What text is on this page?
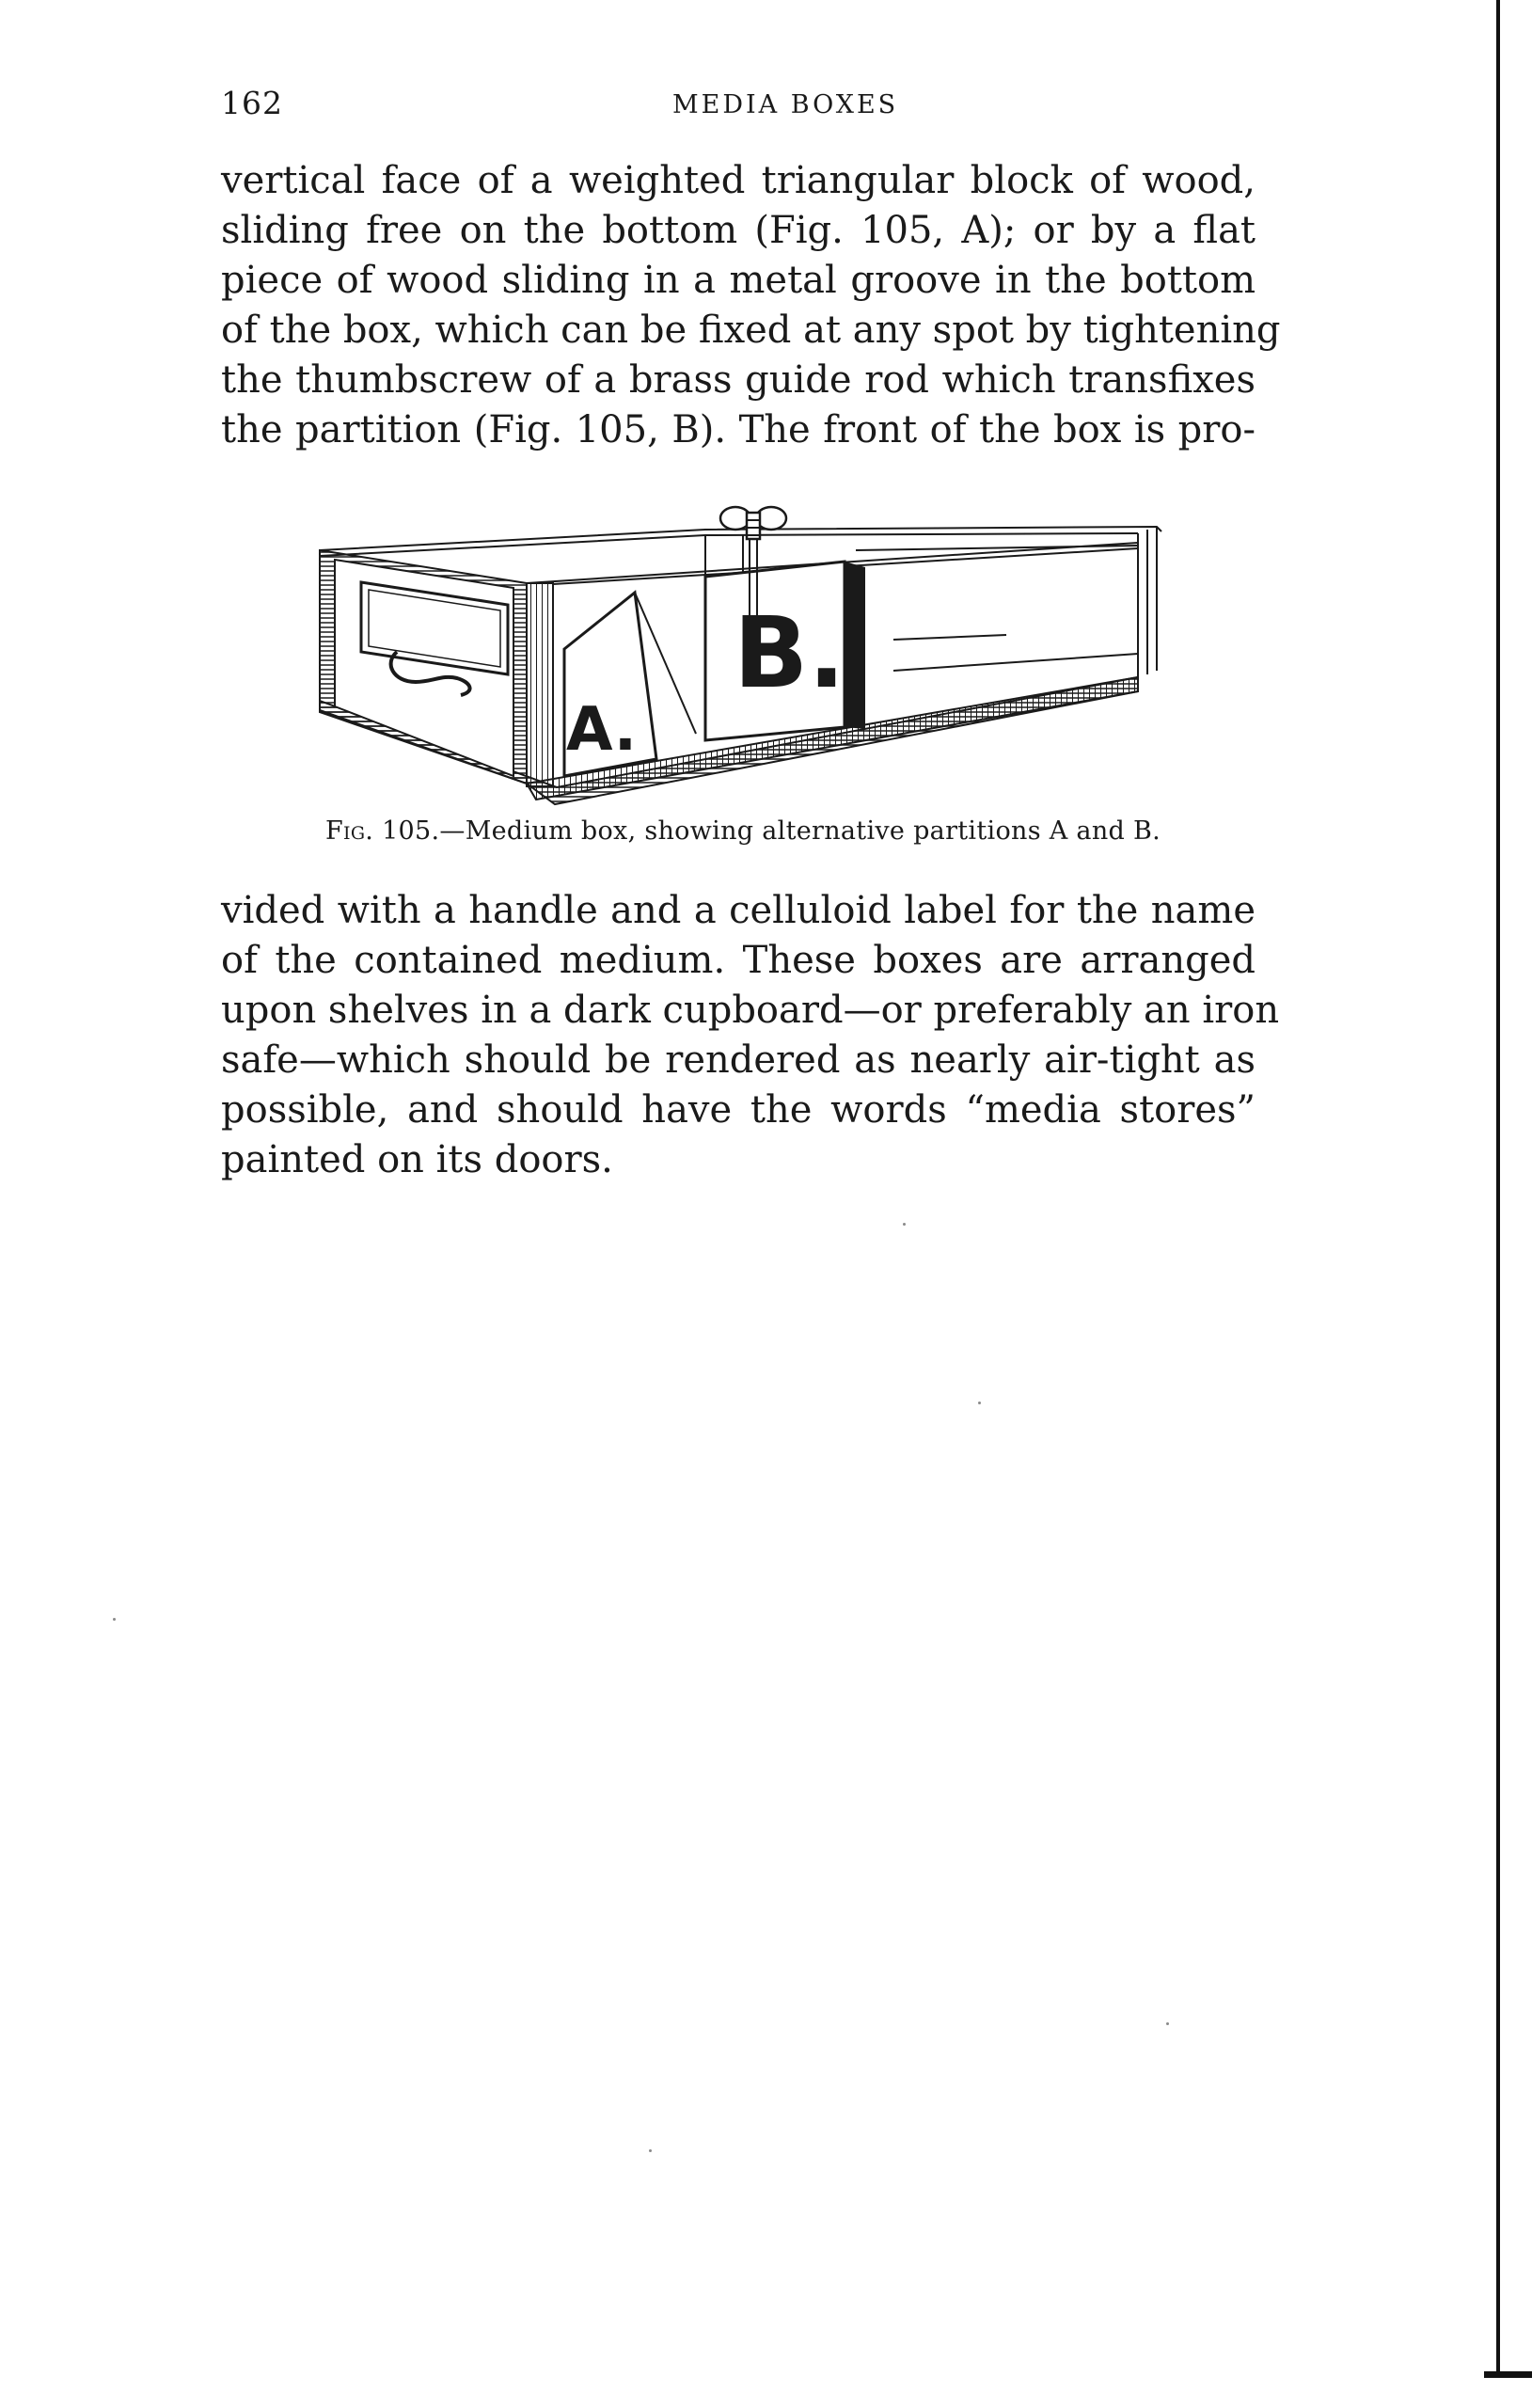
162	MEDIA BOXES
vertical face of a weighted triangular block of wood,
sliding free on the bottom (Fig. 105, A); or by a flat
piece of wood sliding in a metal groove in the bottom
of the box, which can be fixed at any spot by tightening
the thumbscrew of a brass guide rod which transfixes
the partition (Fig. 105, B). The front of the box is pro-
A.
B.
Fig. 105.—Medium box, showing alternative partitions A and B.
vided with a handle and a celluloid label for the name
of the contained medium. These boxes are arranged
upon shelves in a dark cupboard—or preferably an iron
safe—which should be rendered as nearly air-tight as
possible, and should have the words “media stores”
painted on its doors.
